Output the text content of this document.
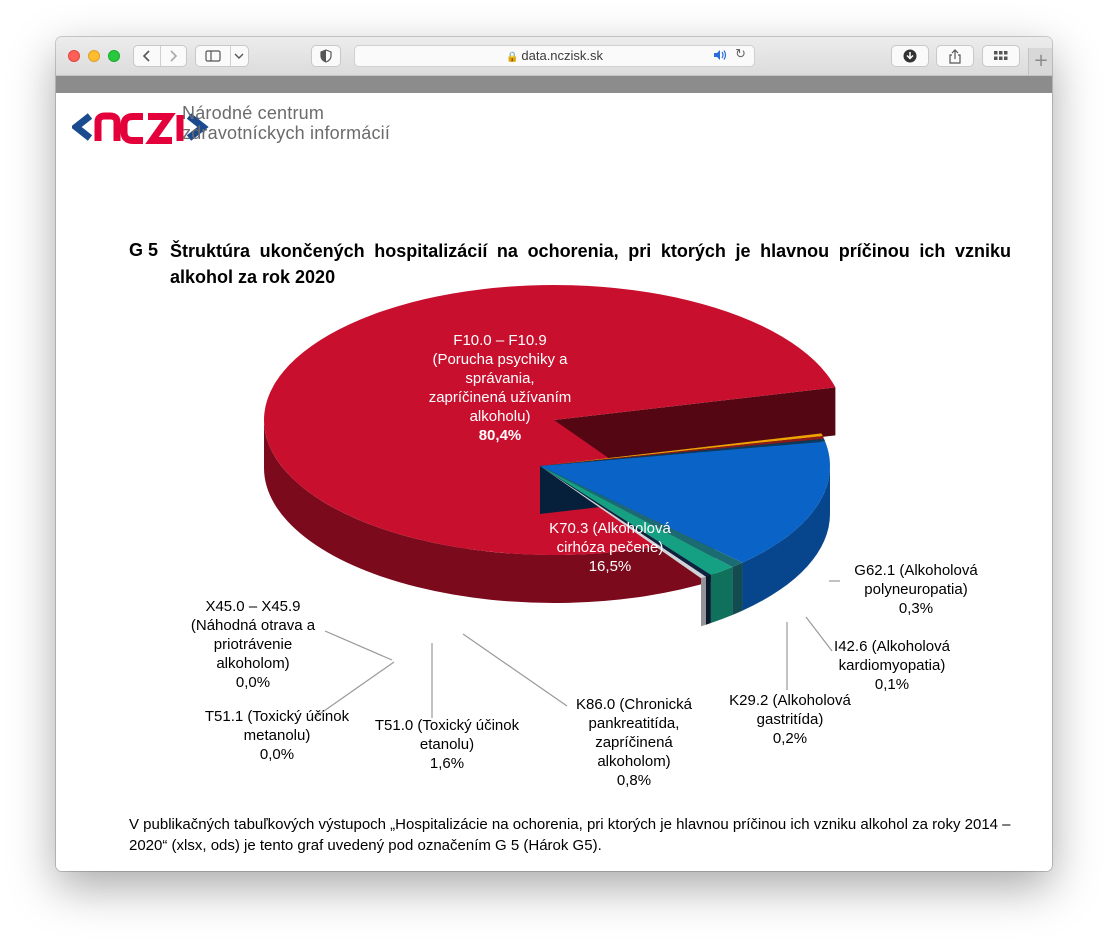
🔒 data.nczisk.sk	↻	+
Národné centrum
zdravotníckych informácií
G 5 Štruktúra ukončených hospitalizácií na ochorenia, pri ktorých je hlavnou príčinou ich vzniku alkohol za rok 2020
F10.0 – F10.9
(Porucha psychiky a
správania,
zapríčinená užívaním
alkoholu)
80,4%
K70.3 (Alkoholová
cirhóza pečene)
16,5%	G62.1 (Alkoholová
polyneuropatia)
0,3%
I42.6 (Alkoholová
kardiomyopatia)
0,1%
K29.2 (Alkoholová
gastritída)
0,2%
K86.0 (Chronická
pankreatitída,
zapríčinená
alkoholom)
0,8%
T51.0 (Toxický účinok
etanolu)
1,6%
T51.1 (Toxický účinok
metanolu)
0,0%
X45.0 – X45.9
(Náhodná otrava a
priotrávenie
alkoholom)
0,0%
V publikačných tabuľkových výstupoch „Hospitalizácie na ochorenia, pri ktorých je hlavnou príčinou ich vzniku alkohol za roky 2014 – 2020“ (xlsx, ods) je tento graf uvedený pod označením G 5 (Hárok G5).
